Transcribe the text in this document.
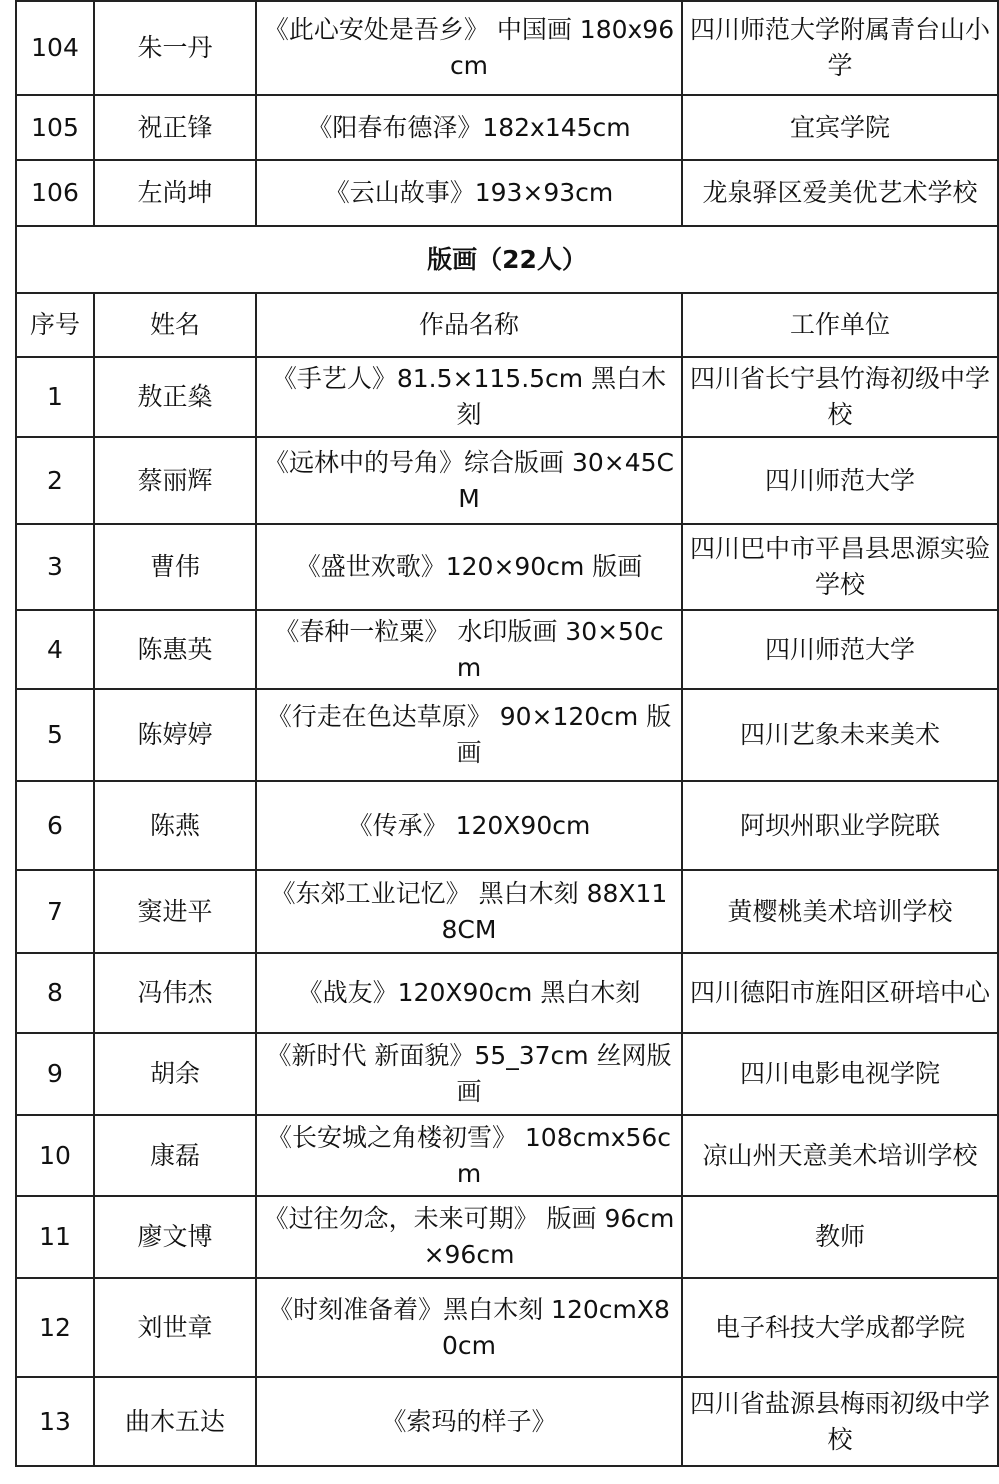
104	朱一丹	《此心安处是吾乡》 中国画 180x96cm	四川师范大学附属青台山小学
105	祝正锋	《阳春布德泽》182x145cm	宜宾学院
106	左尚坤	《云山故事》193×93cm	龙泉驿区爱美优艺术学校
版画（22人）			
序号	姓名	作品名称	工作单位
1	敖正燊	《手艺人》81.5×115.5cm 黑白木刻	四川省长宁县竹海初级中学校
2	蔡丽辉	《远林中的号角》综合版画 30×45CM	四川师范大学
3	曹伟	《盛世欢歌》120×90cm 版画	四川巴中市平昌县思源实验学校
4	陈惠英	《春种一粒粟》 水印版画 30×50cm	四川师范大学
5	陈婷婷	《行走在色达草原》 90×120cm 版画	四川艺象未来美术
6	陈燕	《传承》 120X90cm	阿坝州职业学院联
7	窦进平	《东郊工业记忆》 黑白木刻 88X118CM	黄樱桃美术培训学校
8	冯伟杰	《战友》120X90cm 黑白木刻	四川德阳市旌阳区研培中心
9	胡余	《新时代 新面貌》55_37cm 丝网版画	四川电影电视学院
10	康磊	《长安城之角楼初雪》 108cmx56cm	凉山州天意美术培训学校
11	廖文博	《过往勿念，未来可期》 版画 96cm×96cm	教师
12	刘世章	《时刻准备着》黑白木刻 120cmX80cm	电子科技大学成都学院
13	曲木五达	《索玛的样子》	四川省盐源县梅雨初级中学校
